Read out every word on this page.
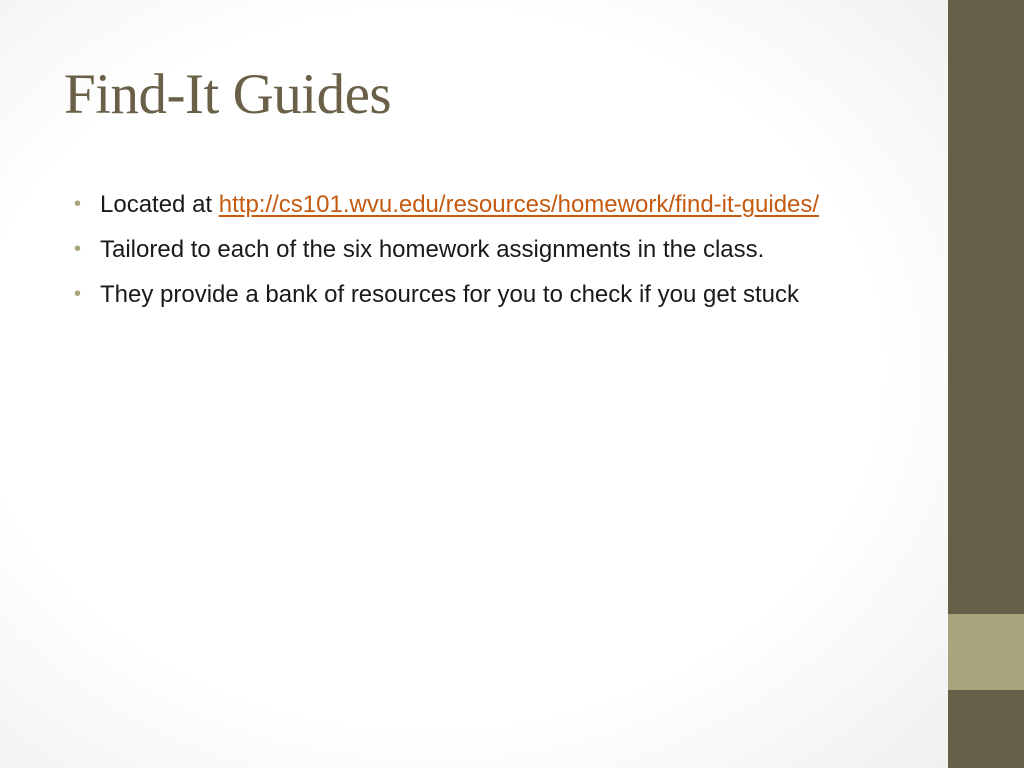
Find-It Guides
• Located at http://cs101.wvu.edu/resources/homework/find-it-guides/
• Tailored to each of the six homework assignments in the class.
• They provide a bank of resources for you to check if you get stuck
